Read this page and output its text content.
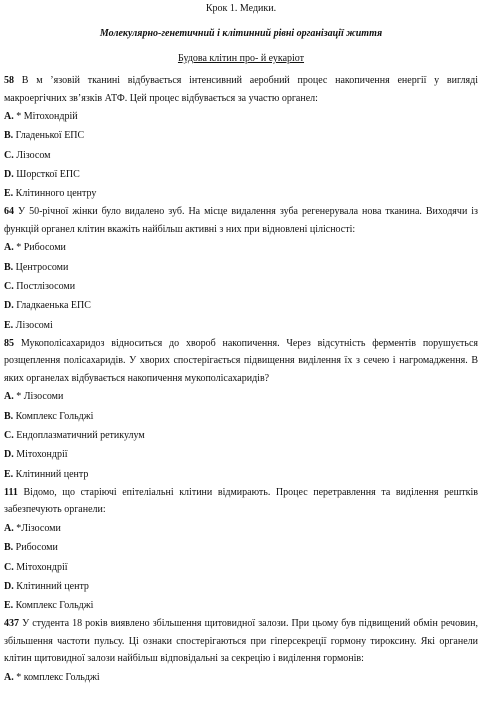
Крок 1. Медики.
Молекулярно-генетичний і клітинний рівні організації життя
Будова клітин про- й еукаріот
58 В м ’язовій тканині відбувається інтенсивний аеробний процес накопичення енергії у вигляді макроергічних зв’язків АТФ. Цей процес відбувається за участю органел:
A. * Мітохондрій
B. Гладенької ЕПС
C. Лізосом
D. Шорсткої ЕПС
E. Клітинного центру
64 У 50-річної жінки було видалено зуб. На місце видалення зуба регенерувала нова тканина. Виходячи із функцій органел клітин вкажіть найбільш активні з них при відновлені цілісності:
A. * Рибосоми
B. Центросоми
C. Постлізосоми
D. Гладкаенька ЕПС
E. Лізосомі
85 Мукополісахаридоз відноситься до хвороб накопичення. Через відсутність ферментів порушується розщеплення полісахаридів. У хворих спостерігається підвищення виділення їх з сечею і нагромадження. В яких органелах відбувається накопичення мукополісахаридів?
A. * Лізосоми
B. Комплекс Гольджі
C. Ендоплазматичний ретикулум
D. Мітохондрії
E. Клітинний центр
111 Відомо, що старіючі епітеліальні клітини відмирають. Процес перетравлення та виділення рештків забезпечують органели:
A. *Лізосоми
B. Рибосоми
C. Мітохондрії
D. Клітинний центр
E. Комплекс Гольджі
437 У студента 18 років виявлено збільшення щитовидної залози. При цьому був підвищений обмін речовин, збільшення частоти пульсу. Ці ознаки спостерігаються при гіперсекреції гормону тироксину. Які органели клітин щитовидної залози найбільш відповідальні за секрецію і виділення гормонів:
A. * комплекс Гольджі
